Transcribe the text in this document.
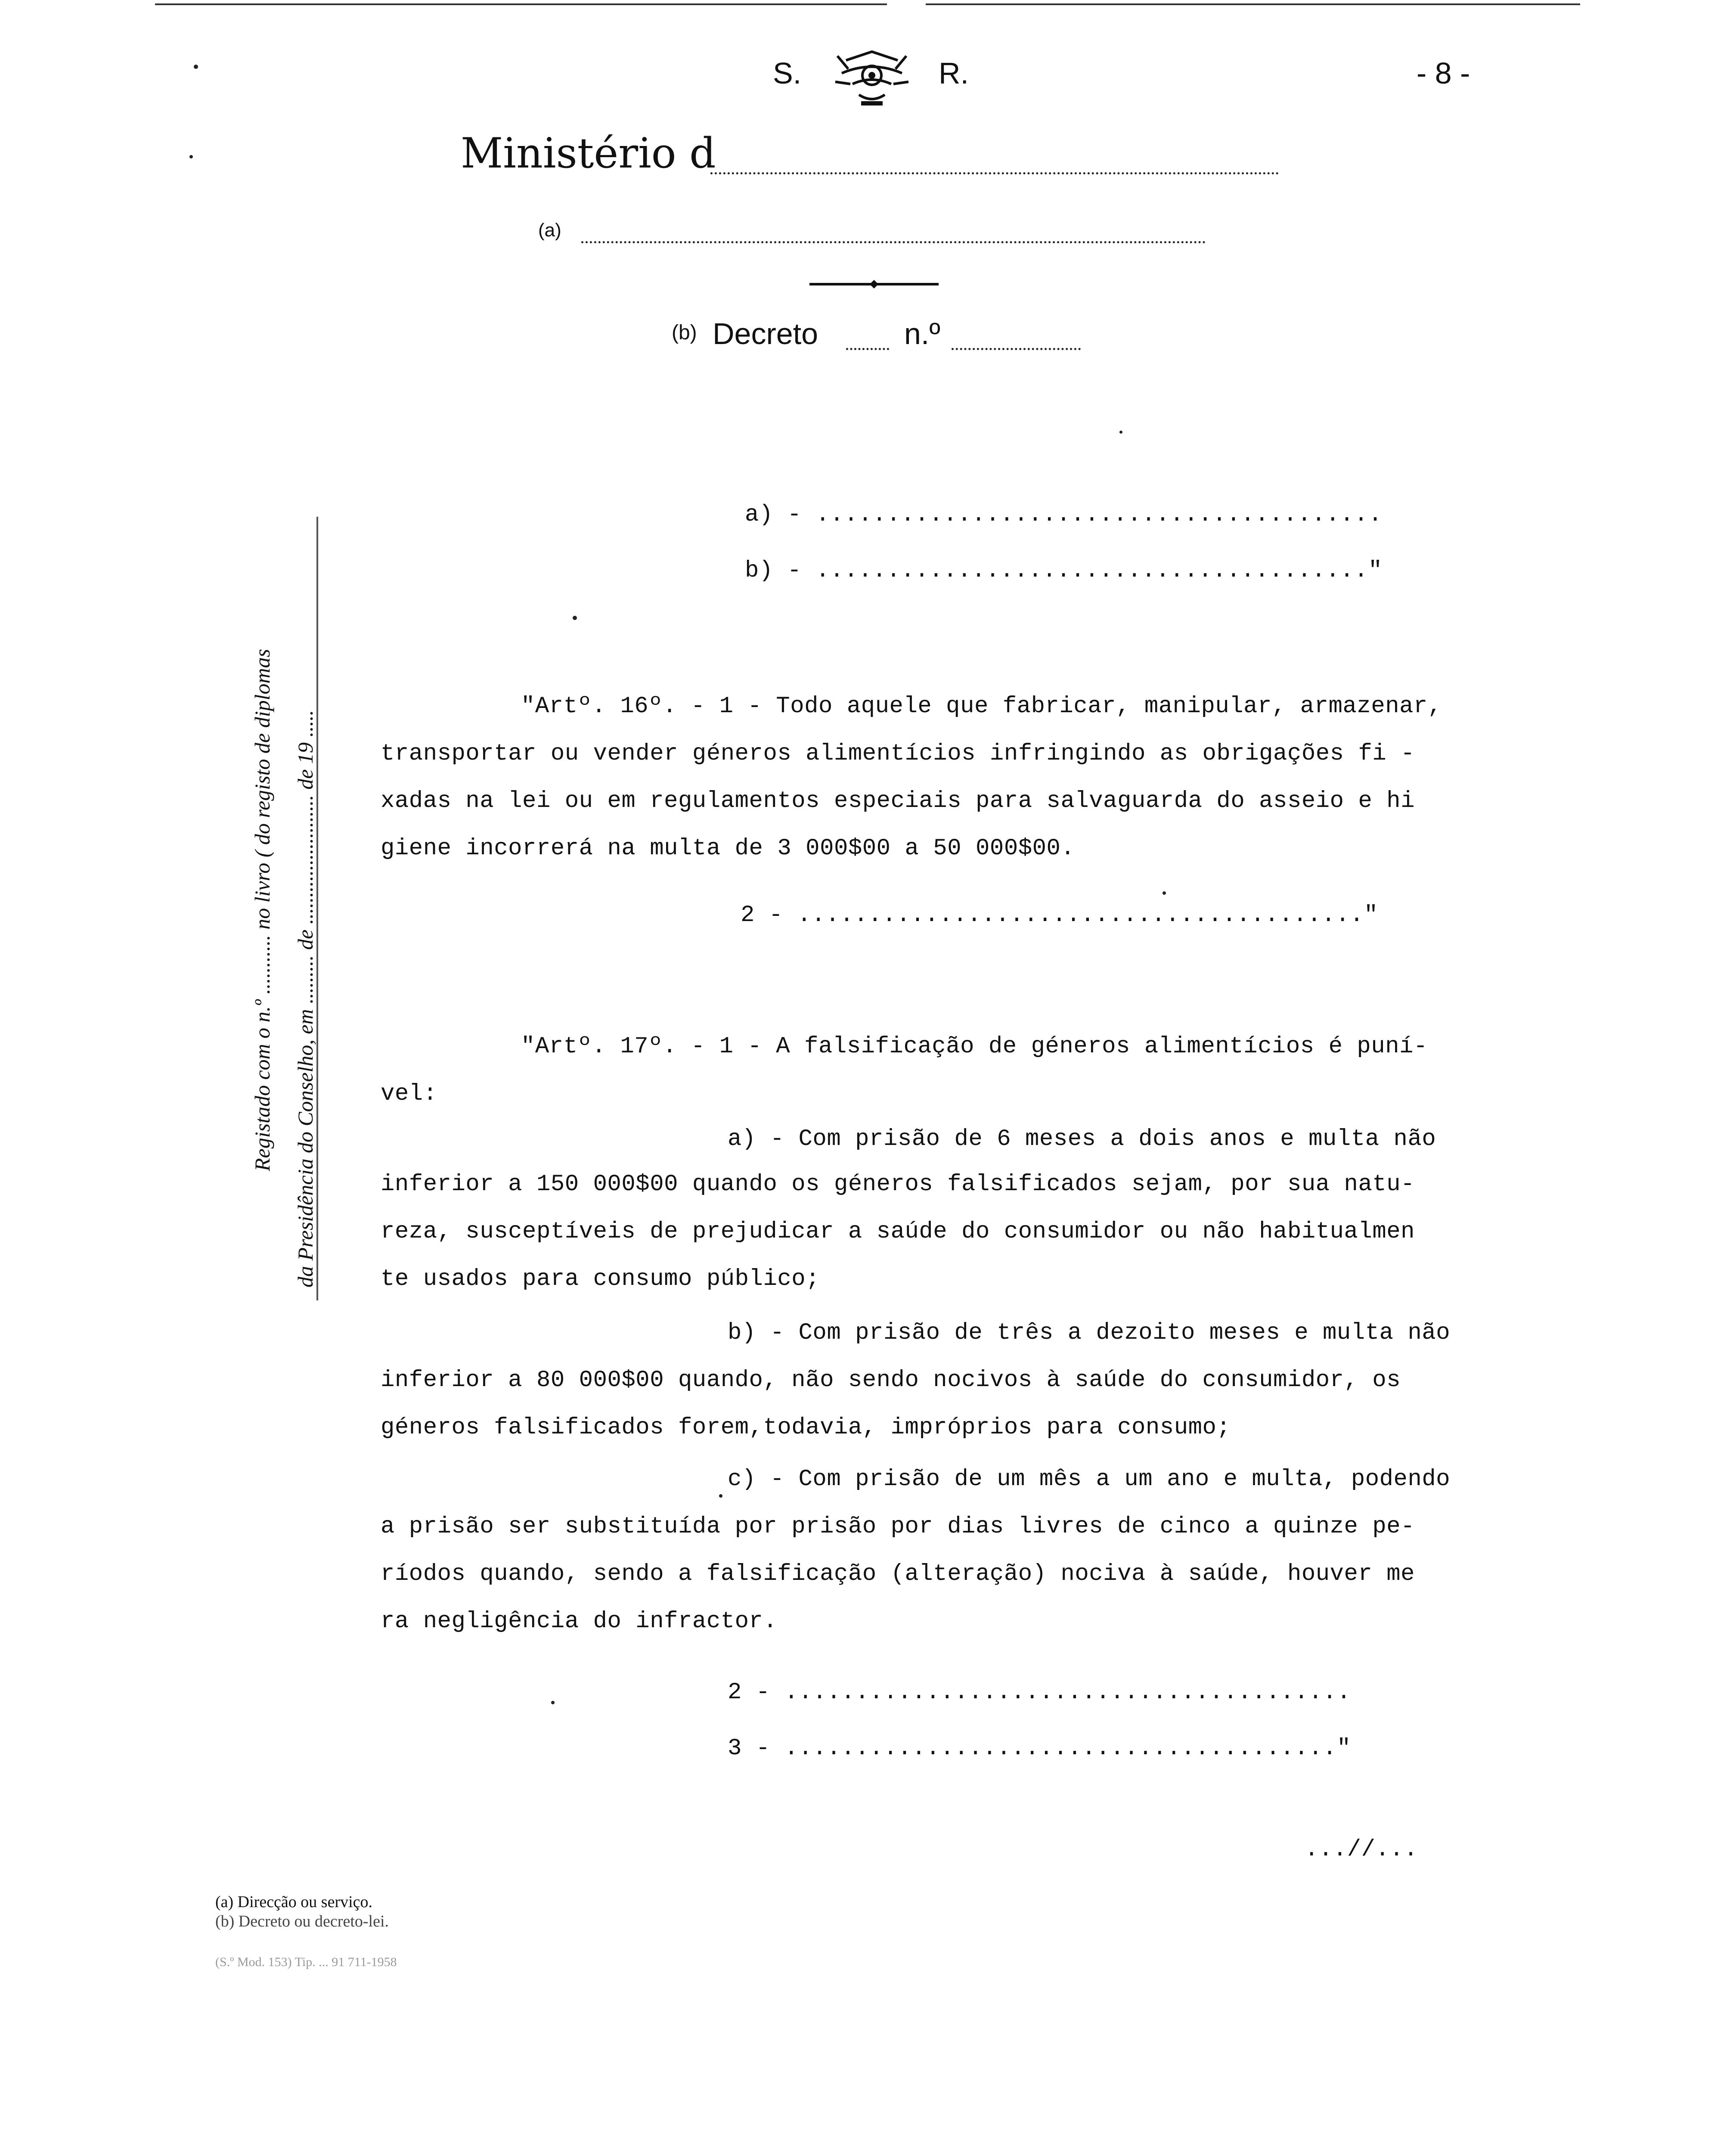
S.	R.	- 8 -
Ministério d
(a)
(b) Decreto	n.º
Registado com o n.º ........... no livro ( do registo de diplomas da Presidência do Conselho, em ......... de ........................ de 19 .....
a) - ........................................
b) - ......................................."
"Artº. 16º. - 1 - Todo aquele que fabricar, manipular, armazenar,
transportar ou vender géneros alimentícios infringindo as obrigações fi -
xadas na lei ou em regulamentos especiais para salvaguarda do asseio e hi
giene incorrerá na multa de 3 000$00 a 50 000$00.
2 - ........................................"
"Artº. 17º. - 1 - A falsificação de géneros alimentícios é puní-
vel:
a) - Com prisão de 6 meses a dois anos e multa não
inferior a 150 000$00 quando os géneros falsificados sejam, por sua natu-
reza, susceptíveis de prejudicar a saúde do consumidor ou não habitualmen
te usados para consumo público;
b) - Com prisão de três a dezoito meses e multa não
inferior a 80 000$00 quando, não sendo nocivos à saúde do consumidor, os
géneros falsificados forem,todavia, impróprios para consumo;
c) - Com prisão de um mês a um ano e multa, podendo
a prisão ser substituída por prisão por dias livres de cinco a quinze pe-
ríodos quando, sendo a falsificação (alteração) nociva à saúde, houver me
ra negligência do infractor.
2 - ........................................
3 - ......................................."
...//...
(a) Direcção ou serviço.
(b) Decreto ou decreto-lei.
(S.º Mod. 153) Tip. ... 91 711-1958
